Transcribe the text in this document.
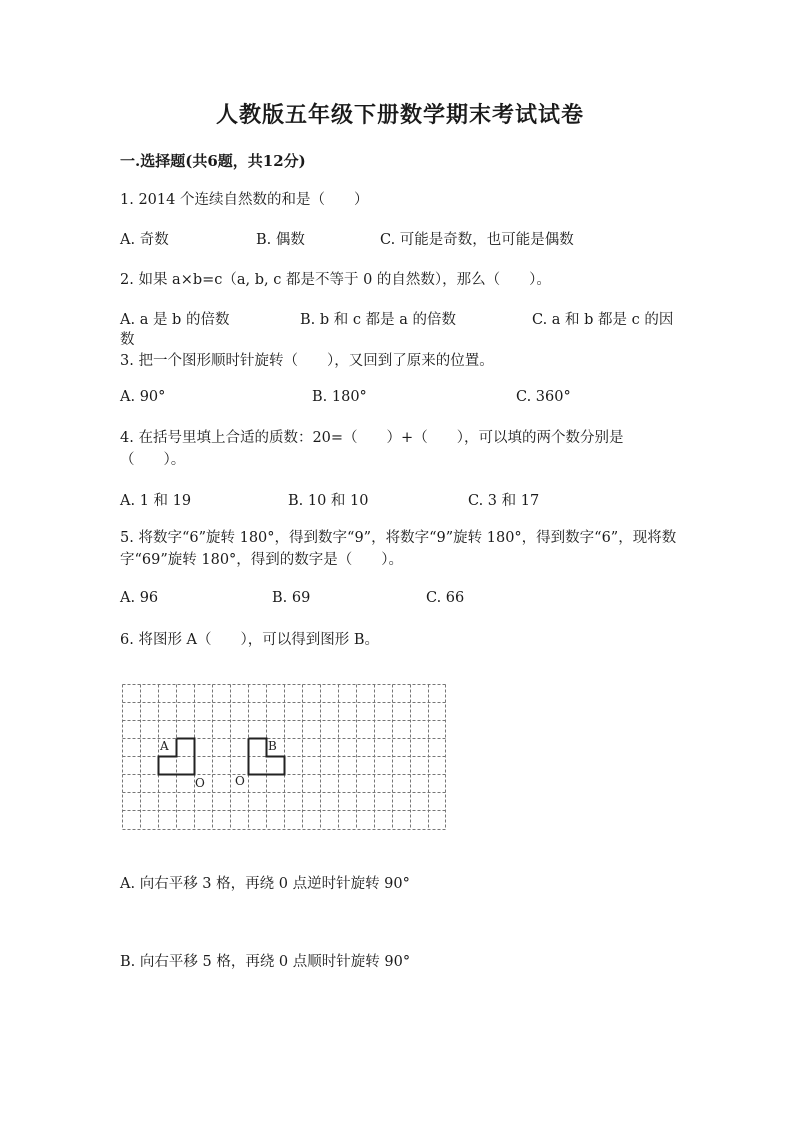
人教版五年级下册数学期末考试试卷
一.选择题(共6题，共12分)
1. 2014 个连续自然数的和是（　　）
A. 奇数	B. 偶数	C. 可能是奇数，也可能是偶数
2. 如果 a×b=c（a, b, c 都是不等于 0 的自然数），那么（　　）。
A. a 是 b 的倍数	B. b 和 c 都是 a 的倍数	C. a 和 b 都是 c 的因
数
3. 把一个图形顺时针旋转（　　），又回到了原来的位置。
A. 90°	B. 180°	C. 360°
4. 在括号里填上合适的质数：20=（　　）+（　　），可以填的两个数分别是（　　）。
A. 1 和 19	B. 10 和 10	C. 3 和 17
5. 将数字“6”旋转 180°，得到数字“9”，将数字“9”旋转 180°，得到数字“6”，现将数字“69”旋转 180°，得到的数字是（　　）。
A. 96	B. 69	C. 66
6. 将图形 A（　　），可以得到图形 B。
A	B
O	O
A. 向右平移 3 格，再绕 0 点逆时针旋转 90°
B. 向右平移 5 格，再绕 0 点顺时针旋转 90°
